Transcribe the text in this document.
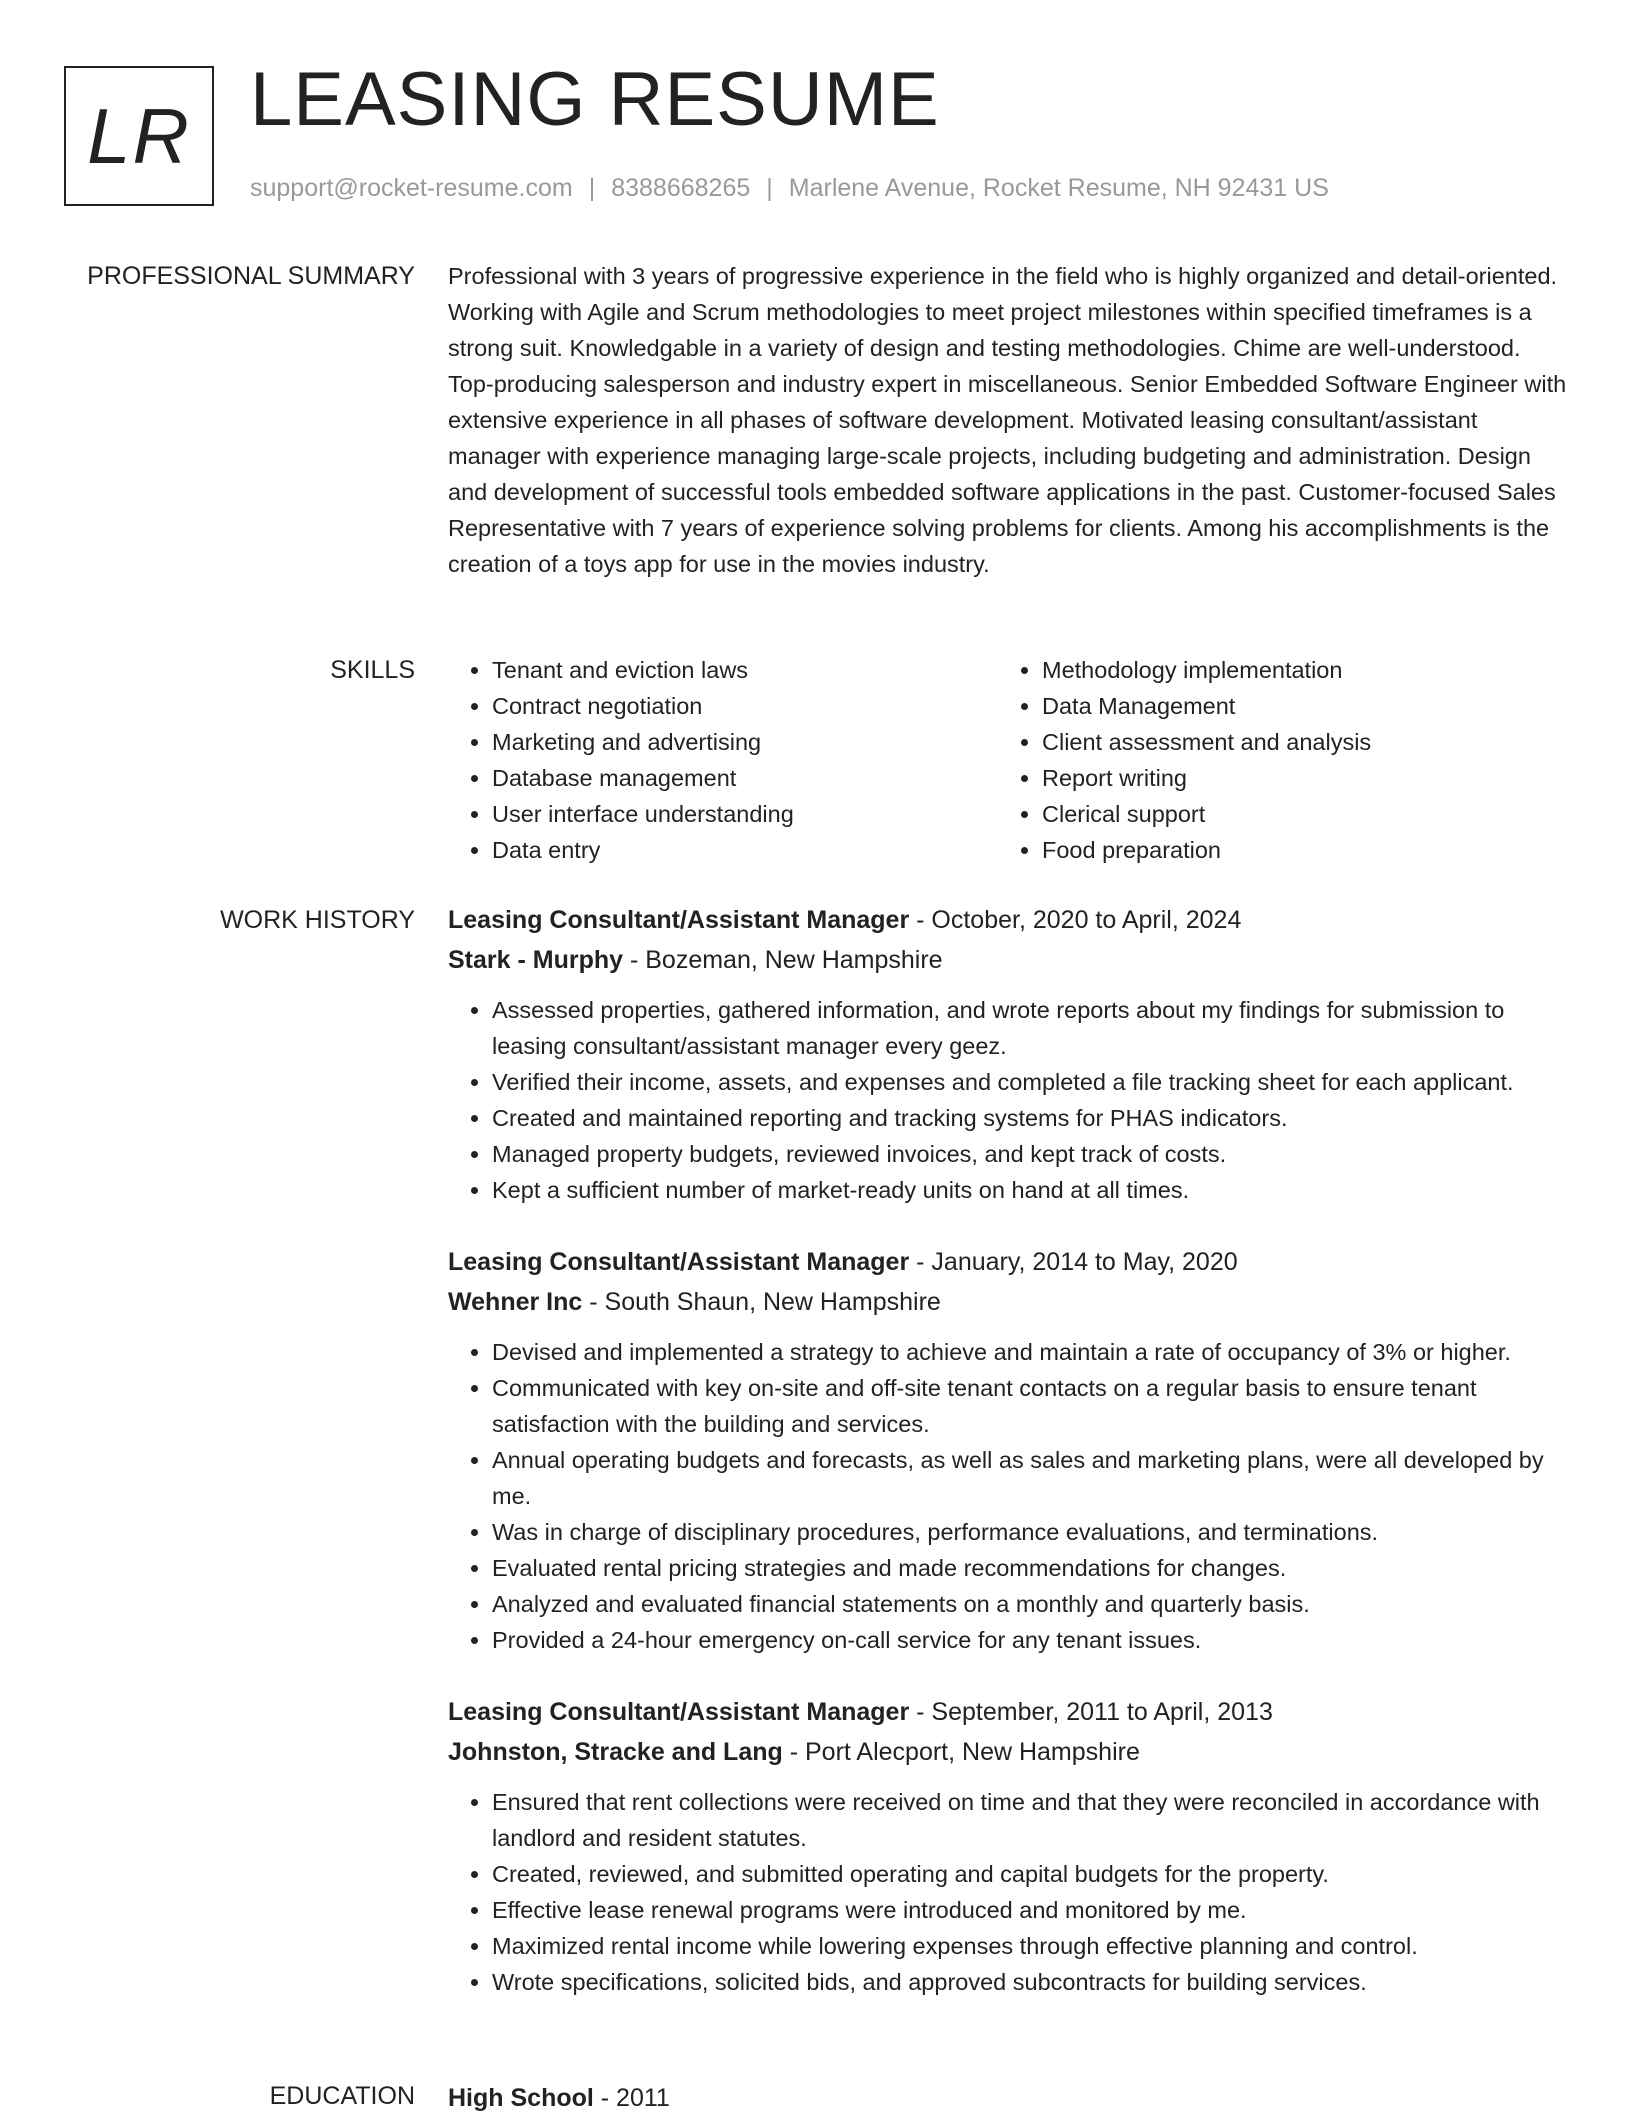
LR LEASING RESUME
support@rocket-resume.com | 8388668265 | Marlene Avenue, Rocket Resume, NH 92431 US
PROFESSIONAL SUMMARY Professional with 3 years of progressive experience in the field who is highly organized and detail-oriented. Working with Agile and Scrum methodologies to meet project milestones within specified timeframes is a strong suit. Knowledgable in a variety of design and testing methodologies. Chime are well-understood. Top-producing salesperson and industry expert in miscellaneous. Senior Embedded Software Engineer with extensive experience in all phases of software development. Motivated leasing consultant/assistant manager with experience managing large-scale projects, including budgeting and administration. Design and development of successful tools embedded software applications in the past. Customer-focused Sales Representative with 7 years of experience solving problems for clients. Among his accomplishments is the creation of a toys app for use in the movies industry.

SKILLS
•	Tenant and eviction laws
• Contract negotiation
• Marketing and advertising
• Database management
• User interface understanding
• Data entry
• Methodology implementation
• Data Management
• Client assessment and analysis
• Report writing
• Clerical support
• Food preparation
WORK HISTORY Leasing Consultant/Assistant Manager - October, 2020 to April, 2024
Stark - Murphy - Bozeman, New Hampshire
• Assessed properties, gathered information, and wrote reports about my findings for submission to leasing consultant/assistant manager every geez.
• Verified their income, assets, and expenses and completed a file tracking sheet for each applicant.
• Created and maintained reporting and tracking systems for PHAS indicators.
• Managed property budgets, reviewed invoices, and kept track of costs.
• Kept a sufficient number of market-ready units on hand at all times.
Leasing Consultant/Assistant Manager - January, 2014 to May, 2020
Wehner Inc - South Shaun, New Hampshire
• Devised and implemented a strategy to achieve and maintain a rate of occupancy of 3% or higher.
• Communicated with key on-site and off-site tenant contacts on a regular basis to ensure tenant satisfaction with the building and services.
• Annual operating budgets and forecasts, as well as sales and marketing plans, were all developed by me.
• Was in charge of disciplinary procedures, performance evaluations, and terminations.
• Evaluated rental pricing strategies and made recommendations for changes.
• Analyzed and evaluated financial statements on a monthly and quarterly basis.
• Provided a 24-hour emergency on-call service for any tenant issues.
Leasing Consultant/Assistant Manager - September, 2011 to April, 2013
Johnston, Stracke and Lang - Port Alecport, New Hampshire
• Ensured that rent collections were received on time and that they were reconciled in accordance with landlord and resident statutes.
• Created, reviewed, and submitted operating and capital budgets for the property.
• Effective lease renewal programs were introduced and monitored by me.
• Maximized rental income while lowering expenses through effective planning and control.
• Wrote specifications, solicited bids, and approved subcontracts for building services.
EDUCATION High School - 2011
